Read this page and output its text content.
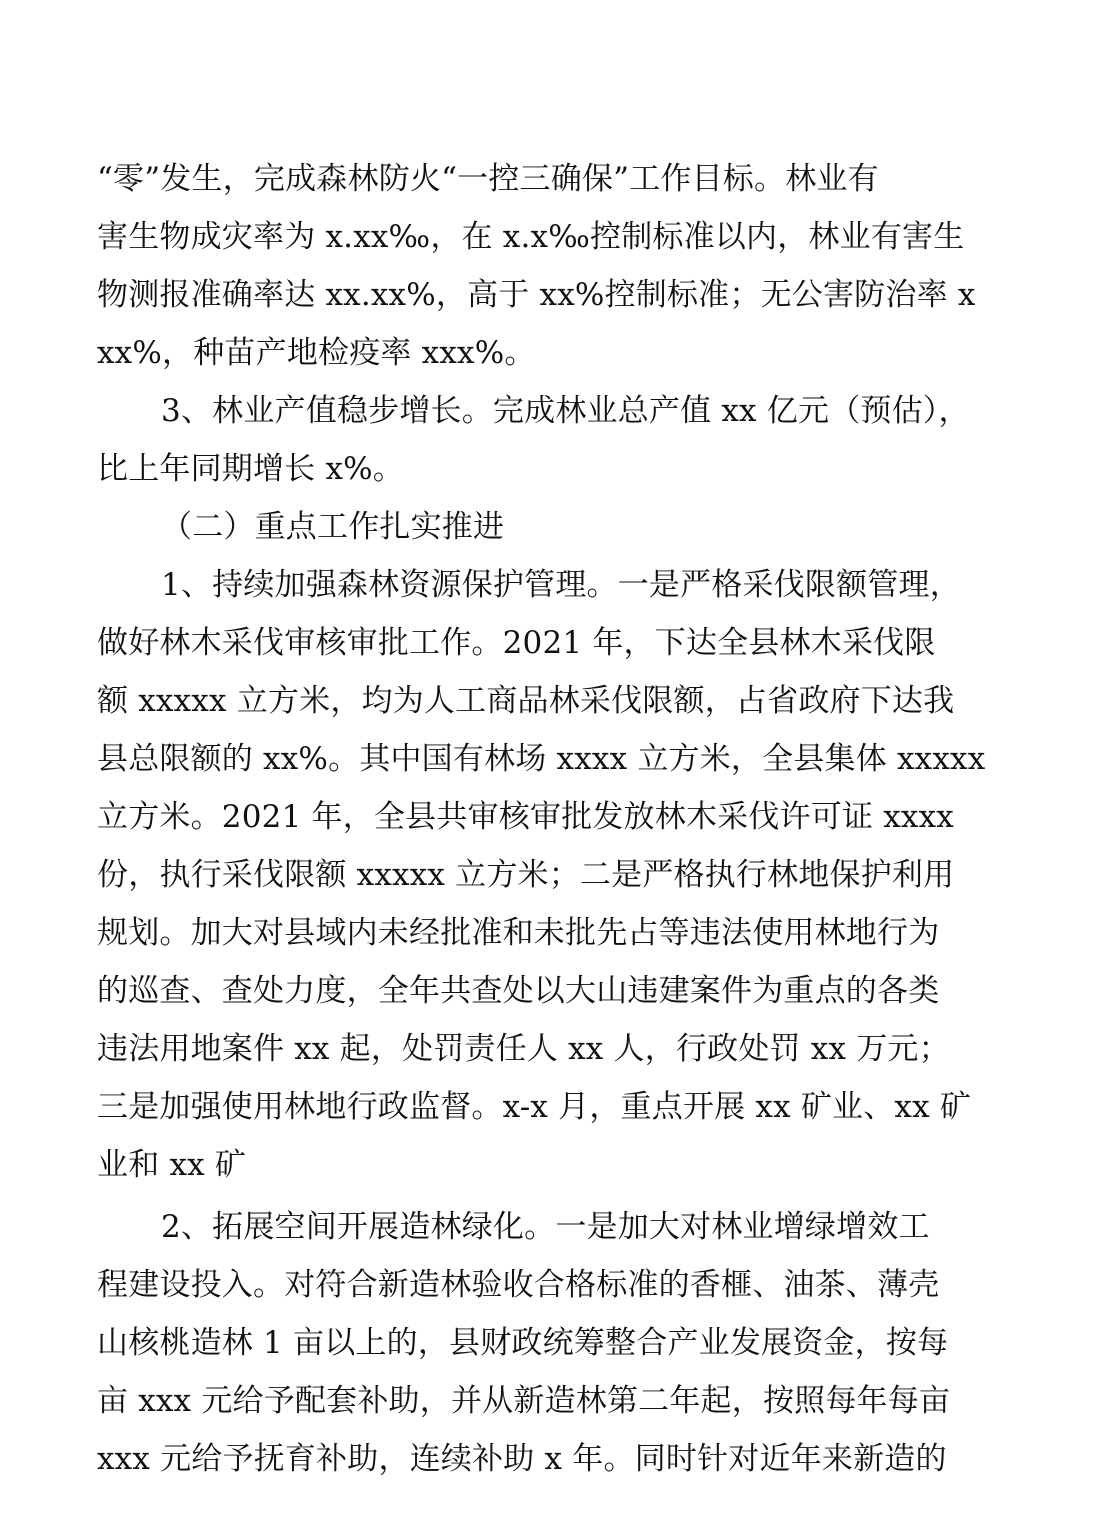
“零”发生，完成森林防火“一控三确保”工作目标。林业有
害生物成灾率为 x.xx‰，在 x.x‰控制标准以内，林业有害生
物测报准确率达 xx.xx%，高于 xx%控制标准；无公害防治率 x
xx%，种苗产地检疫率 xxx%。
3、林业产值稳步增长。完成林业总产值 xx 亿元（预估），
比上年同期增长 x%。
（二）重点工作扎实推进
1、持续加强森林资源保护管理。一是严格采伐限额管理，
做好林木采伐审核审批工作。2021 年，下达全县林木采伐限
额 xxxxx 立方米，均为人工商品林采伐限额，占省政府下达我
县总限额的 xx%。其中国有林场 xxxx 立方米，全县集体 xxxxx
立方米。2021 年，全县共审核审批发放林木采伐许可证 xxxx
份，执行采伐限额 xxxxx 立方米；二是严格执行林地保护利用
规划。加大对县域内未经批准和未批先占等违法使用林地行为
的巡查、查处力度，全年共查处以大山违建案件为重点的各类
违法用地案件 xx 起，处罚责任人 xx 人，行政处罚 xx 万元；
三是加强使用林地行政监督。x-x 月，重点开展 xx 矿业、xx 矿
业和 xx 矿
2、拓展空间开展造林绿化。一是加大对林业增绿增效工
程建设投入。对符合新造林验收合格标准的香榧、油茶、薄壳
山核桃造林 1 亩以上的，县财政统筹整合产业发展资金，按每
亩 xxx 元给予配套补助，并从新造林第二年起，按照每年每亩
xxx 元给予抚育补助，连续补助 x 年。同时针对近年来新造的
